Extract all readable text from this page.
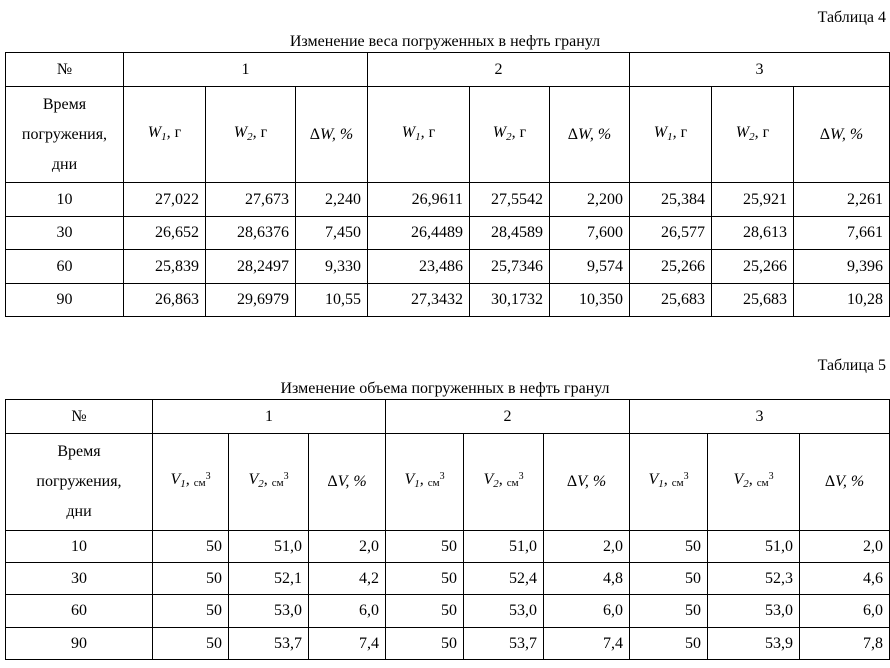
Таблица 4
Изменение веса погруженных в нефть гранул
№	1			2			3		
Время
погружения,
дни	$W_1$, г	$W_2$, г	ΔW, %	$W_1$, г	$W_2$, г	ΔW, %	$W_1$, г	$W_2$, г	ΔW, %
10	27,022	27,673	2,240	26,9611	27,5542	2,200	25,384	25,921	2,261
30	26,652	28,6376	7,450	26,4489	28,4589	7,600	26,577	28,613	7,661
60	25,839	28,2497	9,330	23,486	25,7346	9,574	25,266	25,266	9,396
90	26,863	29,6979	10,55	27,3432	30,1732	10,350	25,683	25,683	10,28
Таблица 5
Изменение объема погруженных в нефть гранул
№	1			2			3		
Время
погружения,
дни	$V_1$, $см^3$	$V_2$, $см^3$	ΔV, %	$V_1$, $см^3$	$V_2$, $см^3$	ΔV, %	$V_1$, $см^3$	$V_2$, $см^3$	ΔV, %
10	50	51,0	2,0	50	51,0	2,0	50	51,0	2,0
30	50	52,1	4,2	50	52,4	4,8	50	52,3	4,6
60	50	53,0	6,0	50	53,0	6,0	50	53,0	6,0
90	50	53,7	7,4	50	53,7	7,4	50	53,9	7,8
